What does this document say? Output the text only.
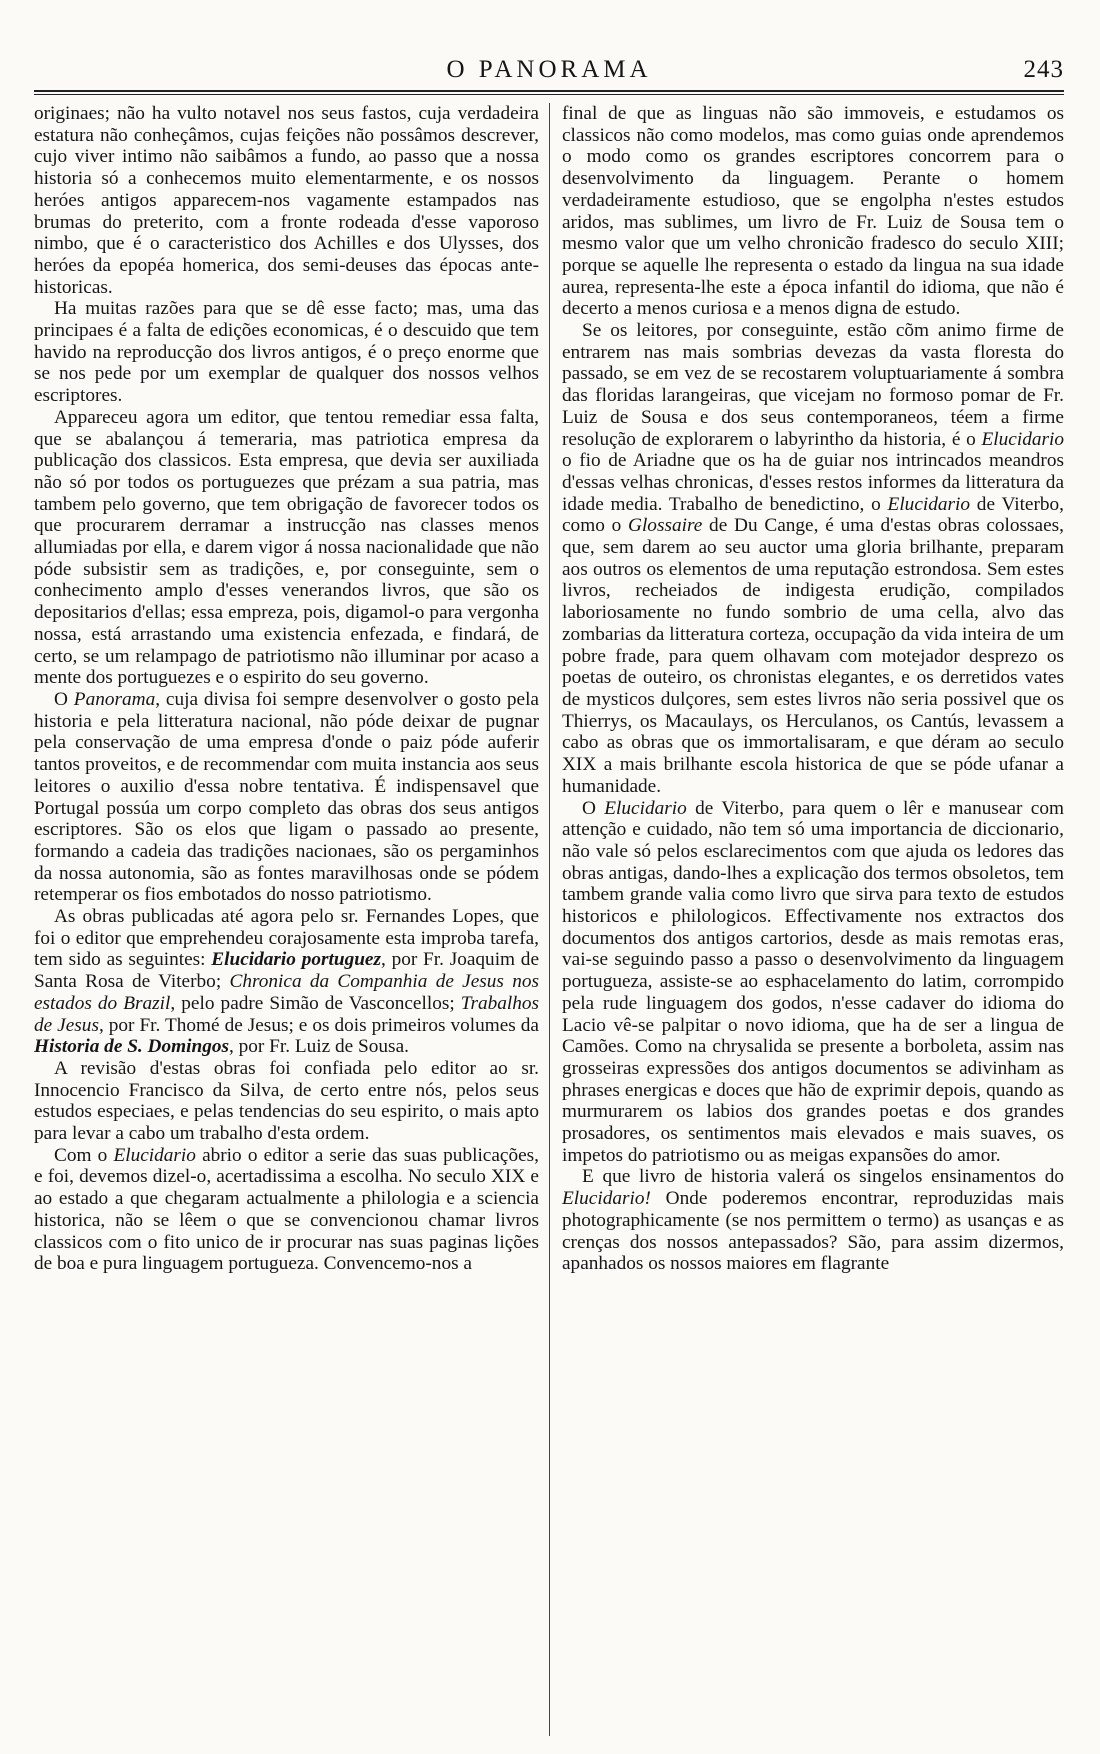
O PANORAMA	243

originaes; não ha vulto notavel nos seus fastos, cuja verdadeira estatura não conheçâmos, cujas feições não possâmos descrever, cujo viver intimo não saibâmos a fundo, ao passo que a nossa historia só a conhecemos muito elementarmente, e os nossos heróes antigos apparecem-nos vagamente estampados nas brumas do preterito, com a fronte rodeada d'esse vaporoso nimbo, que é o caracteristico dos Achilles e dos Ulysses, dos heróes da epopéa homerica, dos semi-deuses das épocas ante-historicas.

Ha muitas razões para que se dê esse facto; mas, uma das principaes é a falta de edições economicas, é o descuido que tem havido na reproducção dos livros antigos, é o preço enorme que se nos pede por um exemplar de qualquer dos nossos velhos escriptores.

Appareceu agora um editor, que tentou remediar essa falta, que se abalançou á temeraria, mas patriotica empresa da publicação dos classicos. Esta empresa, que devia ser auxiliada não só por todos os portuguezes que prézam a sua patria, mas tambem pelo governo, que tem obrigação de favorecer todos os que procurarem derramar a instrucção nas classes menos allumiadas por ella, e darem vigor á nossa nacionalidade que não póde subsistir sem as tradições, e, por conseguinte, sem o conhecimento amplo d'esses venerandos livros, que são os depositarios d'ellas; essa empreza, pois, digamol-o para vergonha nossa, está arrastando uma existencia enfezada, e findará, de certo, se um relampago de patriotismo não illuminar por acaso a mente dos portuguezes e o espirito do seu governo.

O Panorama, cuja divisa foi sempre desenvolver o gosto pela historia e pela litteratura nacional, não póde deixar de pugnar pela conservação de uma empresa d'onde o paiz póde auferir tantos proveitos, e de recommendar com muita instancia aos seus leitores o auxilio d'essa nobre tentativa. É indispensavel que Portugal possúa um corpo completo das obras dos seus antigos escriptores. São os elos que ligam o passado ao presente, formando a cadeia das tradições nacionaes, são os pergaminhos da nossa autonomia, são as fontes maravilhosas onde se pódem retemperar os fios embotados do nosso patriotismo.

As obras publicadas até agora pelo sr. Fernandes Lopes, que foi o editor que emprehendeu corajosamente esta improba tarefa, tem sido as seguintes: Elucidario portuguez, por Fr. Joaquim de Santa Rosa de Viterbo; Chronica da Companhia de Jesus nos estados do Brazil, pelo padre Simão de Vasconcellos; Trabalhos de Jesus, por Fr. Thomé de Jesus; e os dois primeiros volumes da Historia de S. Domingos, por Fr. Luiz de Sousa.

A revisão d'estas obras foi confiada pelo editor ao sr. Innocencio Francisco da Silva, de certo entre nós, pelos seus estudos especiaes, e pelas tendencias do seu espirito, o mais apto para levar a cabo um trabalho d'esta ordem.

Com o Elucidario abrio o editor a serie das suas publicações, e foi, devemos dizel-o, acertadissima a escolha. No seculo XIX e ao estado a que chegaram actualmente a philologia e a sciencia historica, não se lêem o que se convencionou chamar livros classicos com o fito unico de ir procurar nas suas paginas lições de boa e pura linguagem portugueza. Convencemo-nos a

final de que as linguas não são immoveis, e estudamos os classicos não como modelos, mas como guias onde aprendemos o modo como os grandes escriptores concorrem para o desenvolvimento da linguagem. Perante o homem verdadeiramente estudioso, que se engolpha n'estes estudos aridos, mas sublimes, um livro de Fr. Luiz de Sousa tem o mesmo valor que um velho chronicão fradesco do seculo XIII; porque se aquelle lhe representa o estado da lingua na sua idade aurea, representa-lhe este a época infantil do idioma, que não é decerto a menos curiosa e a menos digna de estudo.

Se os leitores, por conseguinte, estão cõm animo firme de entrarem nas mais sombrias devezas da vasta floresta do passado, se em vez de se recostarem voluptuariamente á sombra das floridas larangeiras, que vicejam no formoso pomar de Fr. Luiz de Sousa e dos seus contemporaneos, téem a firme resolução de explorarem o labyrintho da historia, é o Elucidario o fio de Ariadne que os ha de guiar nos intrincados meandros d'essas velhas chronicas, d'esses restos informes da litteratura da idade media. Trabalho de benedictino, o Elucidario de Viterbo, como o Glossaire de Du Cange, é uma d'estas obras colossaes, que, sem darem ao seu auctor uma gloria brilhante, preparam aos outros os elementos de uma reputação estrondosa. Sem estes livros, recheiados de indigesta erudição, compilados laboriosamente no fundo sombrio de uma cella, alvo das zombarias da litteratura corteza, occupação da vida inteira de um pobre frade, para quem olhavam com motejador desprezo os poetas de outeiro, os chronistas elegantes, e os derretidos vates de mysticos dulçores, sem estes livros não seria possivel que os Thierrys, os Macaulays, os Herculanos, os Cantús, levassem a cabo as obras que os immortalisaram, e que déram ao seculo XIX a mais brilhante escola historica de que se póde ufanar a humanidade.

O Elucidario de Viterbo, para quem o lêr e manusear com attenção e cuidado, não tem só uma importancia de diccionario, não vale só pelos esclarecimentos com que ajuda os ledores das obras antigas, dando-lhes a explicação dos termos obsoletos, tem tambem grande valia como livro que sirva para texto de estudos historicos e philologicos. Effectivamente nos extractos dos documentos dos antigos cartorios, desde as mais remotas eras, vai-se seguindo passo a passo o desenvolvimento da linguagem portugueza, assiste-se ao esphacelamento do latim, corrompido pela rude linguagem dos godos, n'esse cadaver do idioma do Lacio vê-se palpitar o novo idioma, que ha de ser a lingua de Camões. Como na chrysalida se presente a borboleta, assim nas grosseiras expressões dos antigos documentos se adivinham as phrases energicas e doces que hão de exprimir depois, quando as murmurarem os labios dos grandes poetas e dos grandes prosadores, os sentimentos mais elevados e mais suaves, os impetos do patriotismo ou as meigas expansões do amor.

E que livro de historia valerá os singelos ensinamentos do Elucidario! Onde poderemos encontrar, reproduzidas mais photographicamente (se nos permittem o termo) as usanças e as crenças dos nossos antepassados? São, para assim dizermos, apanhados os nossos maiores em flagrante
